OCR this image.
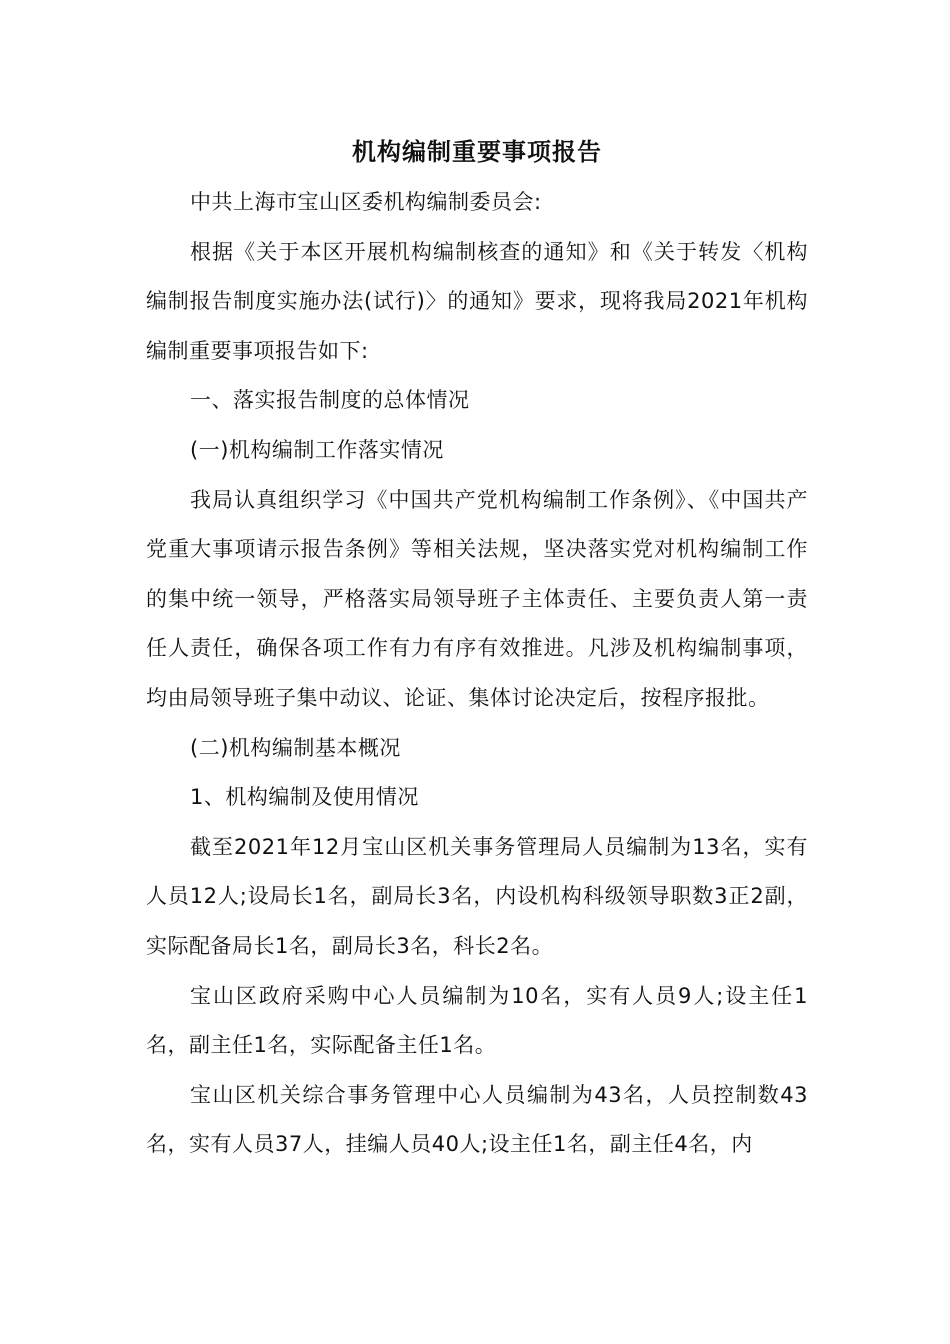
机构编制重要事项报告

中共上海市宝山区委机构编制委员会:

根据《关于本区开展机构编制核查的通知》和《关于转发〈机构编制报告制度实施办法(试行)〉的通知》要求，现将我局2021年机构编制重要事项报告如下:

一、落实报告制度的总体情况

(一)机构编制工作落实情况

我局认真组织学习《中国共产党机构编制工作条例》、《中国共产党重大事项请示报告条例》等相关法规，坚决落实党对机构编制工作的集中统一领导，严格落实局领导班子主体责任、主要负责人第一责任人责任，确保各项工作有力有序有效推进。凡涉及机构编制事项，均由局领导班子集中动议、论证、集体讨论决定后，按程序报批。

(二)机构编制基本概况

1、机构编制及使用情况

截至2021年12月宝山区机关事务管理局人员编制为13名，实有人员12人;设局长1名，副局长3名，内设机构科级领导职数3正2副，实际配备局长1名，副局长3名，科长2名。

宝山区政府采购中心人员编制为10名，实有人员9人;设主任1名，副主任1名，实际配备主任1名。

宝山区机关综合事务管理中心人员编制为43名，人员控制数43名，实有人员37人，挂编人员40人;设主任1名，副主任4名，内
